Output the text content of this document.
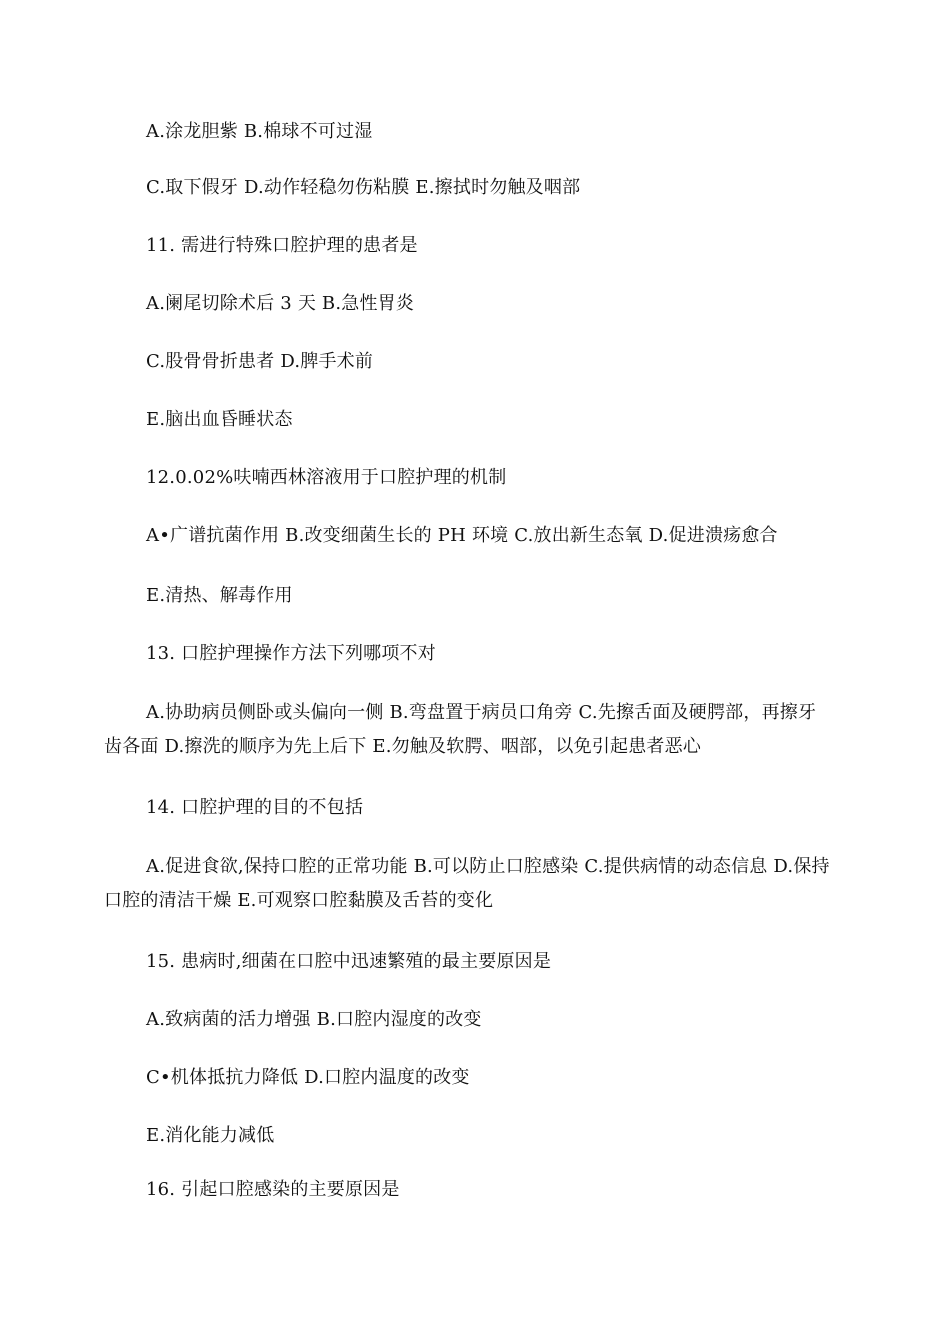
A.涂龙胆紫 B.棉球不可过湿
C.取下假牙 D.动作轻稳勿伤粘膜 E.擦拭时勿触及咽部
11. 需进行特殊口腔护理的患者是
A.阑尾切除术后 3 天 B.急性胃炎
C.股骨骨折患者 D.脾手术前
E.脑出血昏睡状态
12.0.02%呋喃西林溶液用于口腔护理的机制
A•广谱抗菌作用 B.改变细菌生长的 PH 环境 C.放出新生态氧 D.促进溃疡愈合
E.清热、解毒作用
13. 口腔护理操作方法下列哪项不对
A.协助病员侧卧或头偏向一侧 B.弯盘置于病员口角旁 C.先擦舌面及硬腭部，再擦牙齿各面 D.擦洗的顺序为先上后下 E.勿触及软腭、咽部，以免引起患者恶心
14. 口腔护理的目的不包括
A.促进食欲,保持口腔的正常功能 B.可以防止口腔感染 C.提供病情的动态信息 D.保持口腔的清洁干燥 E.可观察口腔黏膜及舌苔的变化
15. 患病时,细菌在口腔中迅速繁殖的最主要原因是
A.致病菌的活力增强 B.口腔内湿度的改变
C•机体抵抗力降低 D.口腔内温度的改变
E.消化能力减低
16. 引起口腔感染的主要原因是
